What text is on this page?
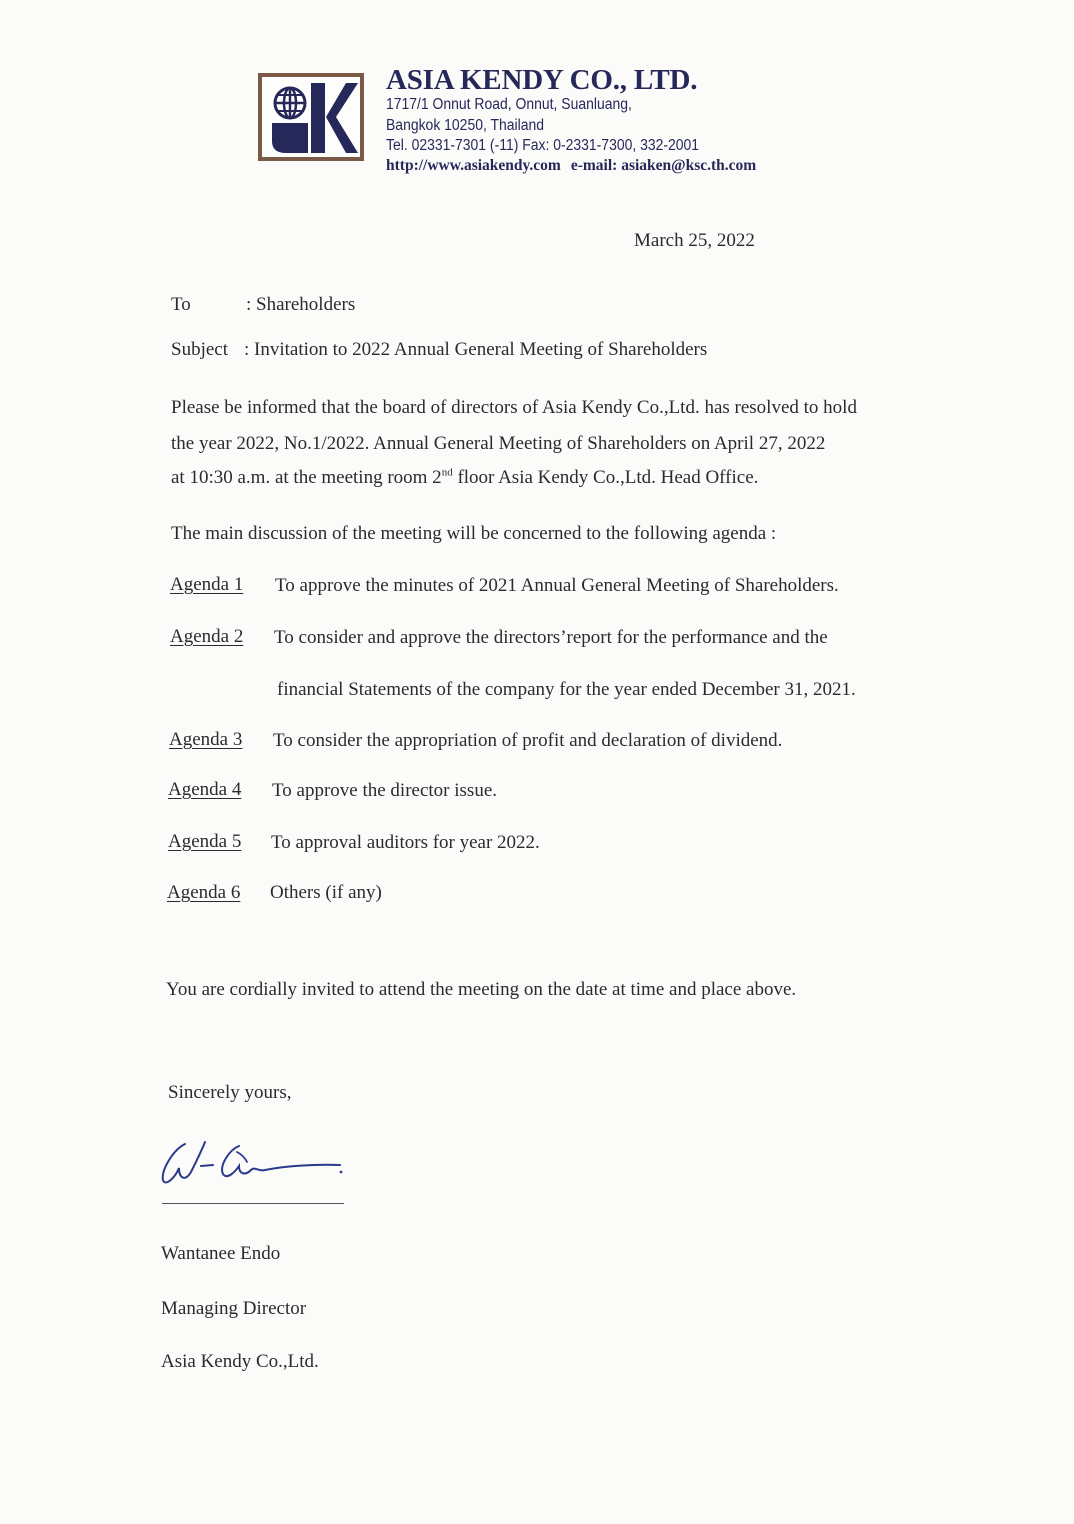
ASIA KENDY CO., LTD.
1717/1 Onnut Road, Onnut, Suanluang,
Bangkok 10250, Thailand
Tel. 02331-7301 (-11) Fax: 0-2331-7300, 332-2001
http://www.asiakendy.com e-mail: asiaken@ksc.th.com
March 25, 2022
To	: Shareholders
Subject : Invitation to 2022 Annual General Meeting of Shareholders
Please be informed that the board of directors of Asia Kendy Co.,Ltd. has resolved to hold
the year 2022, No.1/2022. Annual General Meeting of Shareholders on April 27, 2022
at 10:30 a.m. at the meeting room 2nd floor Asia Kendy Co.,Ltd. Head Office.
The main discussion of the meeting will be concerned to the following agenda :
Agenda 1 To approve the minutes of 2021 Annual General Meeting of Shareholders.
Agenda 2 To consider and approve the directors’report for the performance and the
financial Statements of the company for the year ended December 31, 2021.
Agenda 3 To consider the appropriation of profit and declaration of dividend.
Agenda 4 To approve the director issue.
Agenda 5 To approval auditors for year 2022.
Agenda 6 Others (if any)
You are cordially invited to attend the meeting on the date at time and place above.
Sincerely yours,
Wantanee Endo
Managing Director
Asia Kendy Co.,Ltd.
